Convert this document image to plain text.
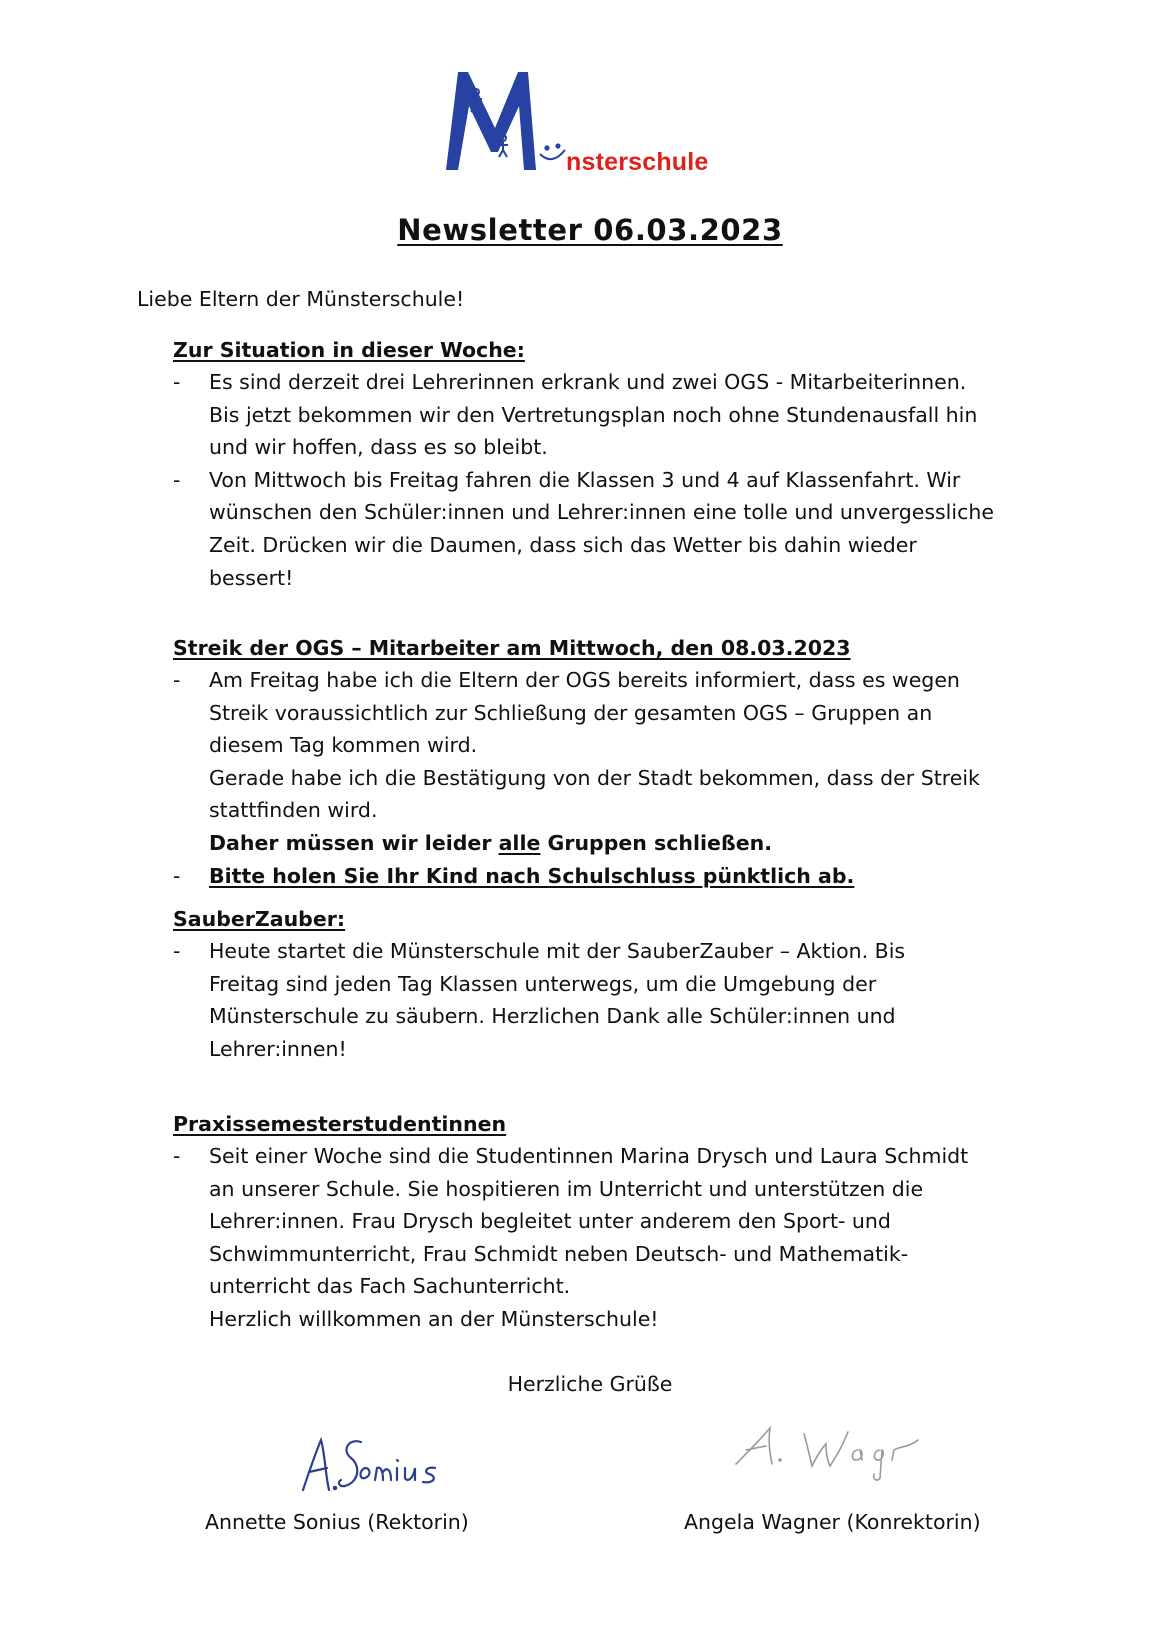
nsterschule
Newsletter 06.03.2023
Liebe Eltern der Münsterschule!
Zur Situation in dieser Woche:
- Es sind derzeit drei Lehrerinnen erkrank und zwei OGS - Mitarbeiterinnen.
Bis jetzt bekommen wir den Vertretungsplan noch ohne Stundenausfall hin
und wir hoffen, dass es so bleibt.
- Von Mittwoch bis Freitag fahren die Klassen 3 und 4 auf Klassenfahrt. Wir
wünschen den Schüler:innen und Lehrer:innen eine tolle und unvergessliche
Zeit. Drücken wir die Daumen, dass sich das Wetter bis dahin wieder
bessert!
Streik der OGS – Mitarbeiter am Mittwoch, den 08.03.2023
- Am Freitag habe ich die Eltern der OGS bereits informiert, dass es wegen
Streik voraussichtlich zur Schließung der gesamten OGS – Gruppen an
diesem Tag kommen wird.
Gerade habe ich die Bestätigung von der Stadt bekommen, dass der Streik
stattfinden wird.
Daher müssen wir leider alle Gruppen schließen.
- Bitte holen Sie Ihr Kind nach Schulschluss pünktlich ab.
SauberZauber:
- Heute startet die Münsterschule mit der SauberZauber – Aktion. Bis
Freitag sind jeden Tag Klassen unterwegs, um die Umgebung der
Münsterschule zu säubern. Herzlichen Dank alle Schüler:innen und
Lehrer:innen!
Praxissemesterstudentinnen
- Seit einer Woche sind die Studentinnen Marina Drysch und Laura Schmidt
an unserer Schule. Sie hospitieren im Unterricht und unterstützen die
Lehrer:innen. Frau Drysch begleitet unter anderem den Sport- und
Schwimmunterricht, Frau Schmidt neben Deutsch- und Mathematik-
unterricht das Fach Sachunterricht.
Herzlich willkommen an der Münsterschule!
Herzliche Grüße
Annette Sonius (Rektorin)	Angela Wagner (Konrektorin)
